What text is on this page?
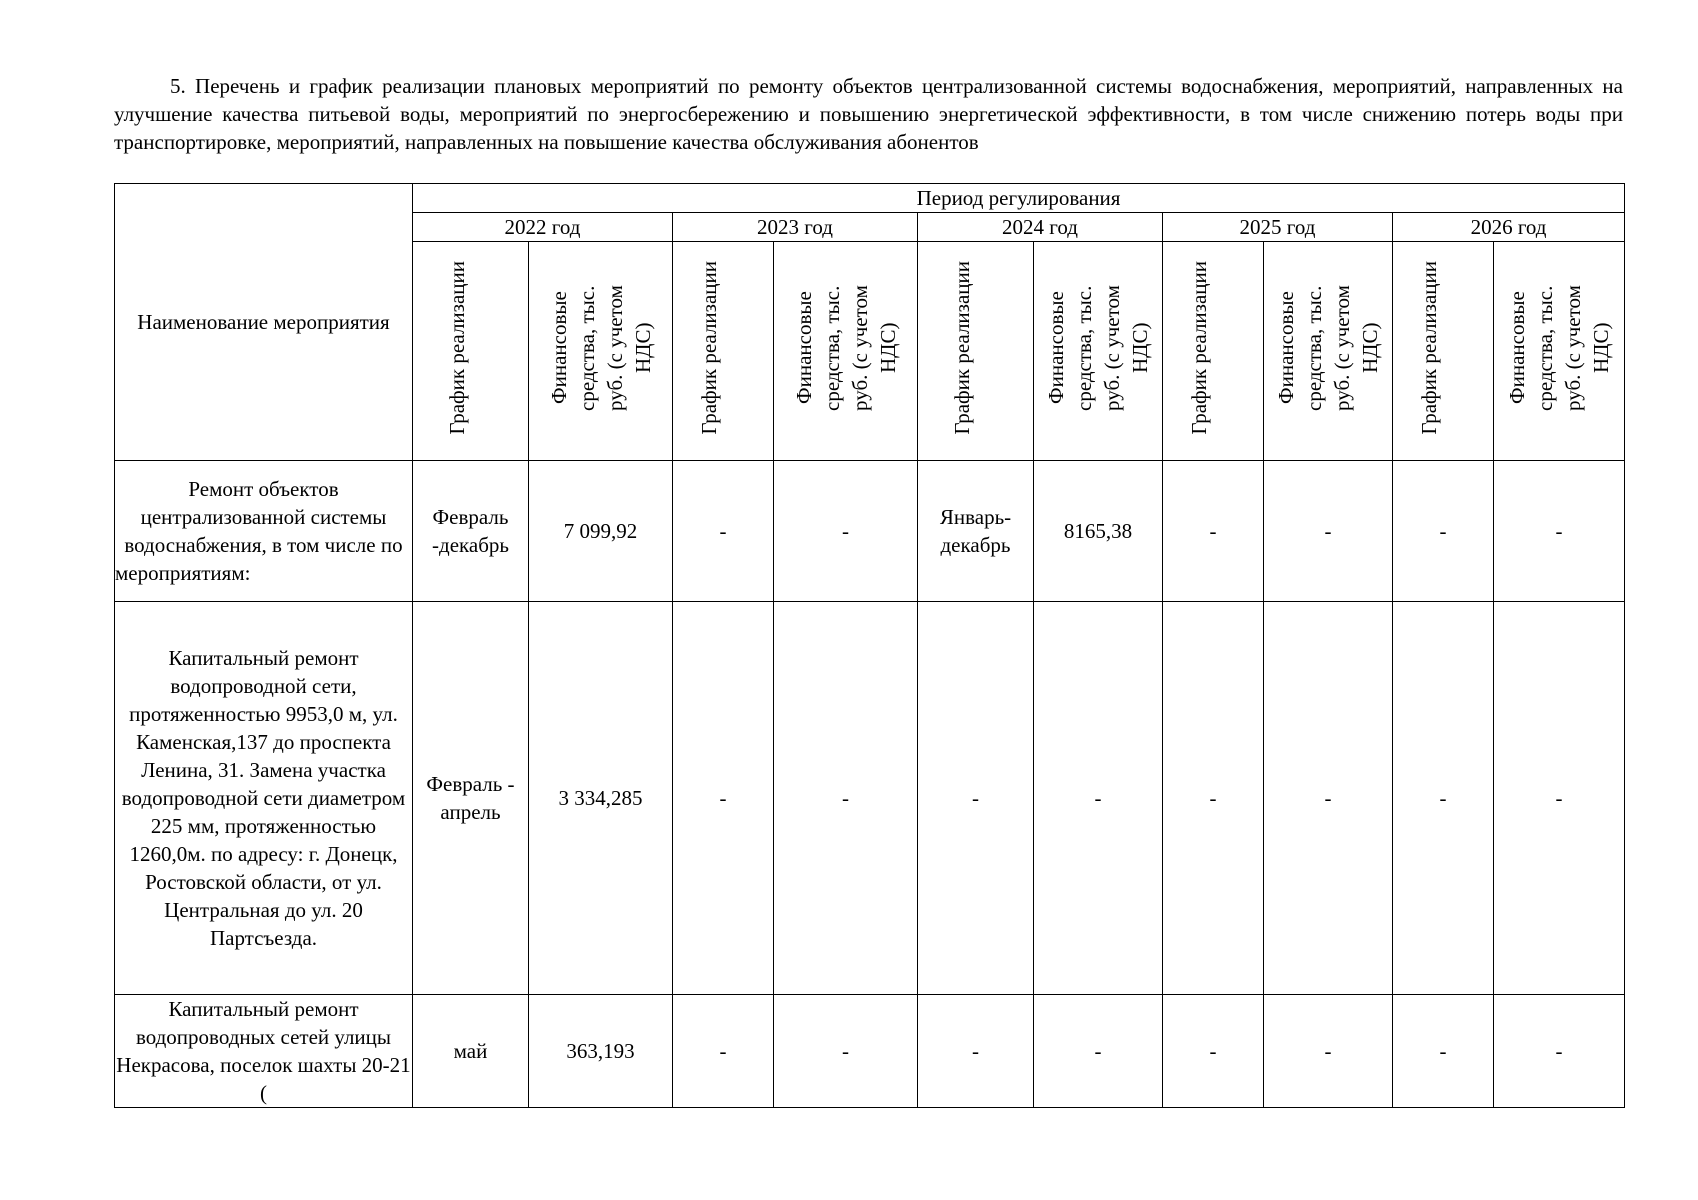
5. Перечень и график реализации плановых мероприятий по ремонту объектов централизованной системы водоснабжения, мероприятий, направленных на улучшение качества питьевой воды, мероприятий по энергосбережению и повышению энергетической эффективности, в том числе снижению потерь воды при транспортировке, мероприятий, направленных на повышение качества обслуживания абонентов

Наименование мероприятия	Период регулирования									
	2022 год		2023 год		2024 год		2025 год		2026 год	
	График реализации	Финансовые средства, тыс. руб. (с учетом НДС)	График реализации	Финансовые средства, тыс. руб. (с учетом НДС)	График реализации	Финансовые средства, тыс. руб. (с учетом НДС)	График реализации	Финансовые средства, тыс. руб. (с учетом НДС)	График реализации	Финансовые средства, тыс. руб. (с учетом НДС)
Ремонт объектов централизованной системы водоснабжения, в том числе по мероприятиям:	Февраль -декабрь	7 099,92	-	-	Январь-декабрь	8165,38	-	-	-	-
Капитальный ремонт водопроводной сети, протяженностью 9953,0 м, ул. Каменская,137 до проспекта Ленина, 31. Замена участка водопроводной сети диаметром 225 мм, протяженностью 1260,0м. по адресу: г. Донецк, Ростовской области, от ул. Центральная до ул. 20 Партсъезда.	Февраль - апрель	3 334,285	-	-	-	-	-	-	-	-
Капитальный ремонт водопроводных сетей улицы Некрасова, поселок шахты 20-21 (	май	363,193	-	-	-	-	-	-	-	-
